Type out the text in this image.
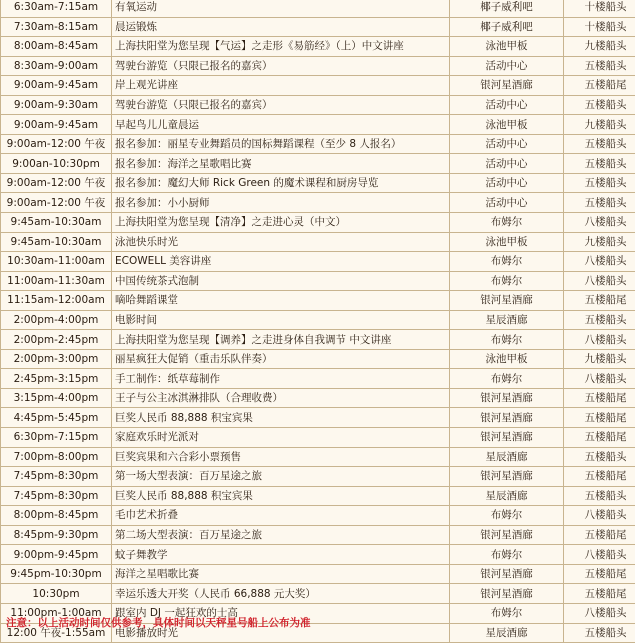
6:30am-7:15am	有氧运动	椰子威利吧	十楼船头
7:30am-8:15am	晨运锻炼	椰子威利吧	十楼船头
8:00am-8:45am	上海扶阳堂为您呈现【气运】之走形《易筋经》（上）中文讲座	泳池甲板	九楼船头
8:30am-9:00am	驾驶台游览（只限已报名的嘉宾）	活动中心	五楼船头
9:00am-9:45am	岸上观光讲座	银河星酒廊	五楼船尾
9:00am-9:30am	驾驶台游览（只限已报名的嘉宾）	活动中心	五楼船头
9:00am-9:45am	早起鸟儿儿童晨运	泳池甲板	九楼船头
9:00am-12:00 午夜	报名参加：丽星专业舞蹈员的国标舞蹈课程（至少 8 人报名）	活动中心	五楼船头
9:00an-10:30pm	报名参加：海洋之星歌唱比赛	活动中心	五楼船头
9:00am-12:00 午夜	报名参加：魔幻大师 Rick Green 的魔术课程和厨房导览	活动中心	五楼船头
9:00am-12:00 午夜	报名参加：小小厨师	活动中心	五楼船头
9:45am-10:30am	上海扶阳堂为您呈现【清净】之走进心灵（中文）	布姆尔	八楼船头
9:45am-10:30am	泳池快乐时光	泳池甲板	九楼船头
10:30am-11:00am	ECOWELL 美容讲座	布姆尔	八楼船头
11:00am-11:30am	中国传统茶式泡制	布姆尔	八楼船头
11:15am-12:00am	嘀哈舞蹈课堂	银河星酒廊	五楼船尾
2:00pm-4:00pm	电影时间	星辰酒廊	五楼船头
2:00pm-2:45pm	上海扶阳堂为您呈现【调养】之走进身体自我调节 中文讲座	布姆尔	八楼船头
2:00pm-3:00pm	丽星疯狂大促销（重击乐队伴奏）	泳池甲板	九楼船头
2:45pm-3:15pm	手工制作：纸草莓制作	布姆尔	八楼船头
3:15pm-4:00pm	王子与公主冰淇淋排队（合理收费）	银河星酒廊	五楼船尾
4:45pm-5:45pm	巨奖人民币 88,888 积宝宾果	银河星酒廊	五楼船尾
6:30pm-7:15pm	家庭欢乐时光派对	银河星酒廊	五楼船尾
7:00pm-8:00pm	巨奖宾果和六合彩小票预售	星辰酒廊	五楼船头
7:45pm-8:30pm	第一场大型表演：百万星途之旅	银河星酒廊	五楼船尾
7:45pm-8:30pm	巨奖人民币 88,888 积宝宾果	星辰酒廊	五楼船头
8:00pm-8:45pm	毛巾艺术折叠	布姆尔	八楼船头
8:45pm-9:30pm	第二场大型表演：百万星途之旅	银河星酒廊	五楼船尾
9:00pm-9:45pm	蚊子舞教学	布姆尔	八楼船头
9:45pm-10:30pm	海洋之星唱歌比赛	银河星酒廊	五楼船尾
10:30pm	幸运乐透大开奖（人民币 66,888 元大奖）	银河星酒廊	五楼船尾
11:00pm-1:00am	跟室内 DJ 一起狂欢的士高	布姆尔	八楼船头
12:00 午夜-1:55am	电影播放时光	星辰酒廊	五楼船头
注意：以上活动时间仅供参考，具体时间以天秤星号船上公布为准
